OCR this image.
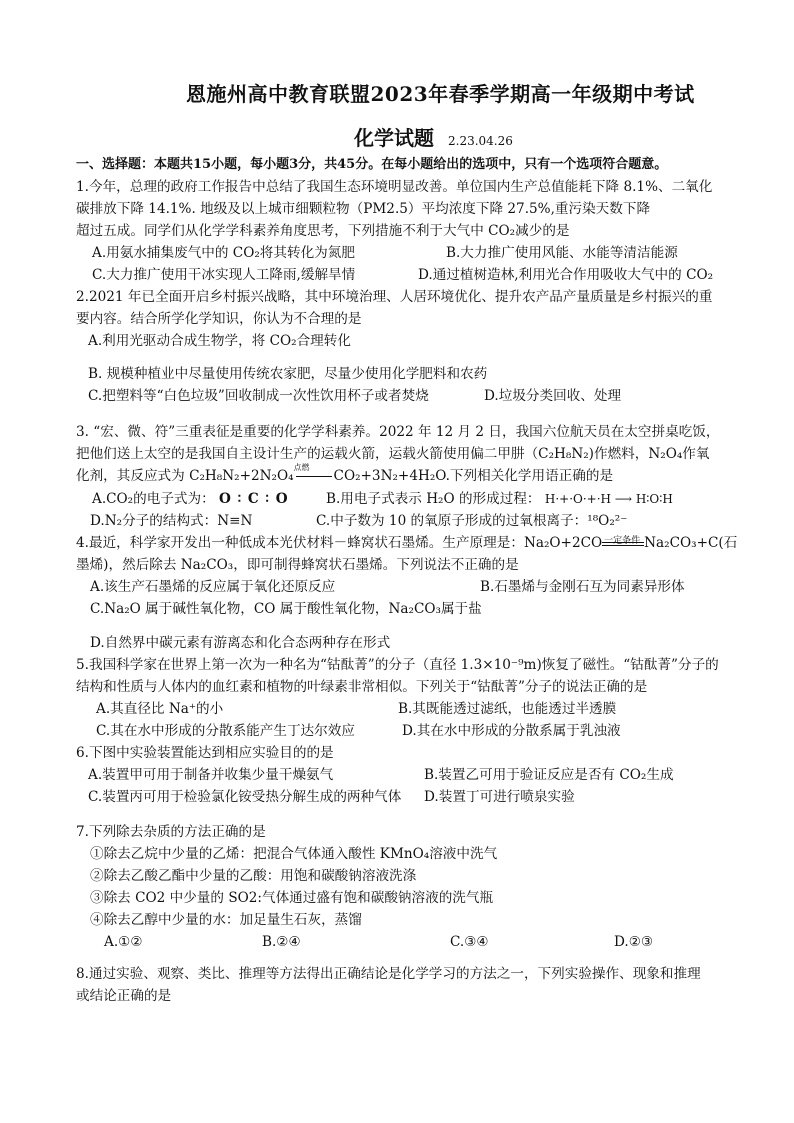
恩施州高中教育联盟2023年春季学期高一年级期中考试
化学试题 2.23.04.26
一、选择题：本题共15小题，每小题3分，共45分。在每小题给出的选项中，只有一个选项符合题意。
1.今年，总理的政府工作报告中总结了我国生态环境明显改善。单位国内生产总值能耗下降 8.1%、二氧化
碳排放下降 14.1%. 地级及以上城市细颗粒物（PM2.5）平均浓度下降 27.5%,重污染天数下降
超过五成。同学们从化学学科素养角度思考，下列措施不利于大气中 CO₂减少的是
A.用氨水捕集废气中的 CO₂将其转化为氮肥	B.大力推广使用风能、水能等清洁能源
C.大力推广使用干冰实现人工降雨,缓解旱情	D.通过植树造林,利用光合作用吸收大气中的 CO₂
2.2021 年已全面开启乡村振兴战略，其中环境治理、人居环境优化、提升农产品产量质量是乡村振兴的重
要内容。结合所学化学知识，你认为不合理的是
A.利用光驱动合成生物学，将 CO₂合理转化
B. 规模种植业中尽量使用传统农家肥，尽量少使用化学肥料和农药
C.把塑料等“白色垃圾”回收制成一次性饮用杯子或者焚烧	D.垃圾分类回收、处理
3. “宏、微、符”三重表征是重要的化学学科素养。2022 年 12 月 2 日，我国六位航天员在太空拼桌吃饭，
把他们送上太空的是我国自主设计生产的运载火箭，运载火箭使用偏二甲肼（C₂H₈N₂)作燃料，N₂O₄作氧
化剂，其反应式为 C₂H₈N₂+2N₂O₄
点燃
CO₂+3N₂+4H₂O.下列相关化学用语正确的是
A.CO₂的电子式为： O ∶ C ∶ O	B.用电子式表示 H₂O 的形成过程： H·+·O·+·H ⟶ H∶O∶H
D.N₂分子的结构式：N≡N	C.中子数为 10 的氧原子形成的过氧根离子：¹⁸O₂²⁻
4.最近，科学家开发出一种低成本光伏材料－蜂窝状石墨烯。生产原理是：Na₂O+2CO 一定条件 Na₂CO₃+C(石
墨烯)，然后除去 Na₂CO₃，即可制得蜂窝状石墨烯。下列说法不正确的是
A.该生产石墨烯的反应属于氧化还原反应	B.石墨烯与金刚石互为同素异形体
C.Na₂O 属于碱性氧化物，CO 属于酸性氧化物，Na₂CO₃属于盐
D.自然界中碳元素有游离态和化合态两种存在形式
5.我国科学家在世界上第一次为一种名为“钴酞菁”的分子（直径 1.3×10⁻⁹m)恢复了磁性。“钴酞菁”分子的
结构和性质与人体内的血红素和植物的叶绿素非常相似。下列关于“钴酞菁”分子的说法正确的是
A.其直径比 Na⁺的小	B.其既能透过滤纸，也能透过半透膜
C.其在水中形成的分散系能产生丁达尔效应	D.其在水中形成的分散系属于乳浊液
6.下图中实验装置能达到相应实验目的的是
A.装置甲可用于制备并收集少量干燥氨气	B.装置乙可用于验证反应是否有 CO₂生成
C.装置丙可用于检验氯化铵受热分解生成的两种气体 D.装置丁可进行喷泉实验
7.下列除去杂质的方法正确的是
①除去乙烷中少量的乙烯：把混合气体通入酸性 KMnO₄溶液中洗气
②除去乙酸乙酯中少量的乙酸：用饱和碳酸钠溶液洗涤
③除去 CO2 中少量的 SO2:气体通过盛有饱和碳酸钠溶液的洗气瓶
④除去乙醇中少量的水：加足量生石灰，蒸馏
A.①②	B.②④	C.③④	D.②③
8.通过实验、观察、类比、推理等方法得出正确结论是化学学习的方法之一，下列实验操作、现象和推理
或结论正确的是
